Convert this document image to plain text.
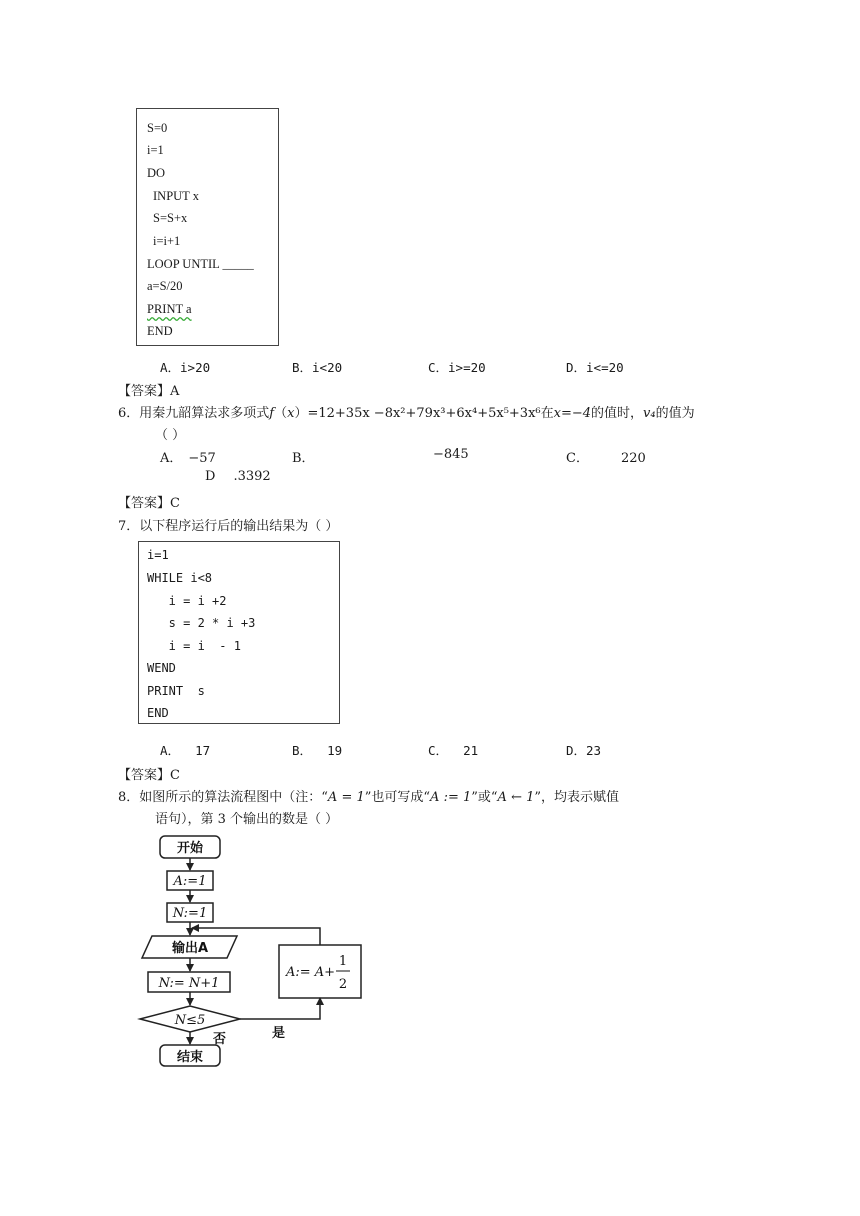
S=0
i=1
DO
INPUT x
S=S+x
i=i+1
LOOP UNTIL _____
a=S/20
PRINT a
END
A．i>20	B．i<20	C．i>=20	D．i<=20
【答案】A
6．用秦九韶算法求多项式f（x）=12+35x −8x²+79x³+6x⁴+5x⁵+3x⁶在x=−4的值时，v₄的值为
（ ）
A． −57	B．	−845	C． 220
D .3392
【答案】C
7．以下程序运行后的输出结果为（ ）
i=1
WHILE i<8
i = i +2
s = 2 * i +3
i = i  - 1
WEND
PRINT  s
END
A．  17	B．  19	C．  21	D．23
【答案】C
8．如图所示的算法流程图中（注：“A = 1”也可写成“A := 1”或“A ← 1”，均表示赋值
语句），第 3 个输出的数是（ ）
开始
A:=1
N:=1
输出A
N:= N+1
N≤5
否	是
A:= A+
1
2
结束
